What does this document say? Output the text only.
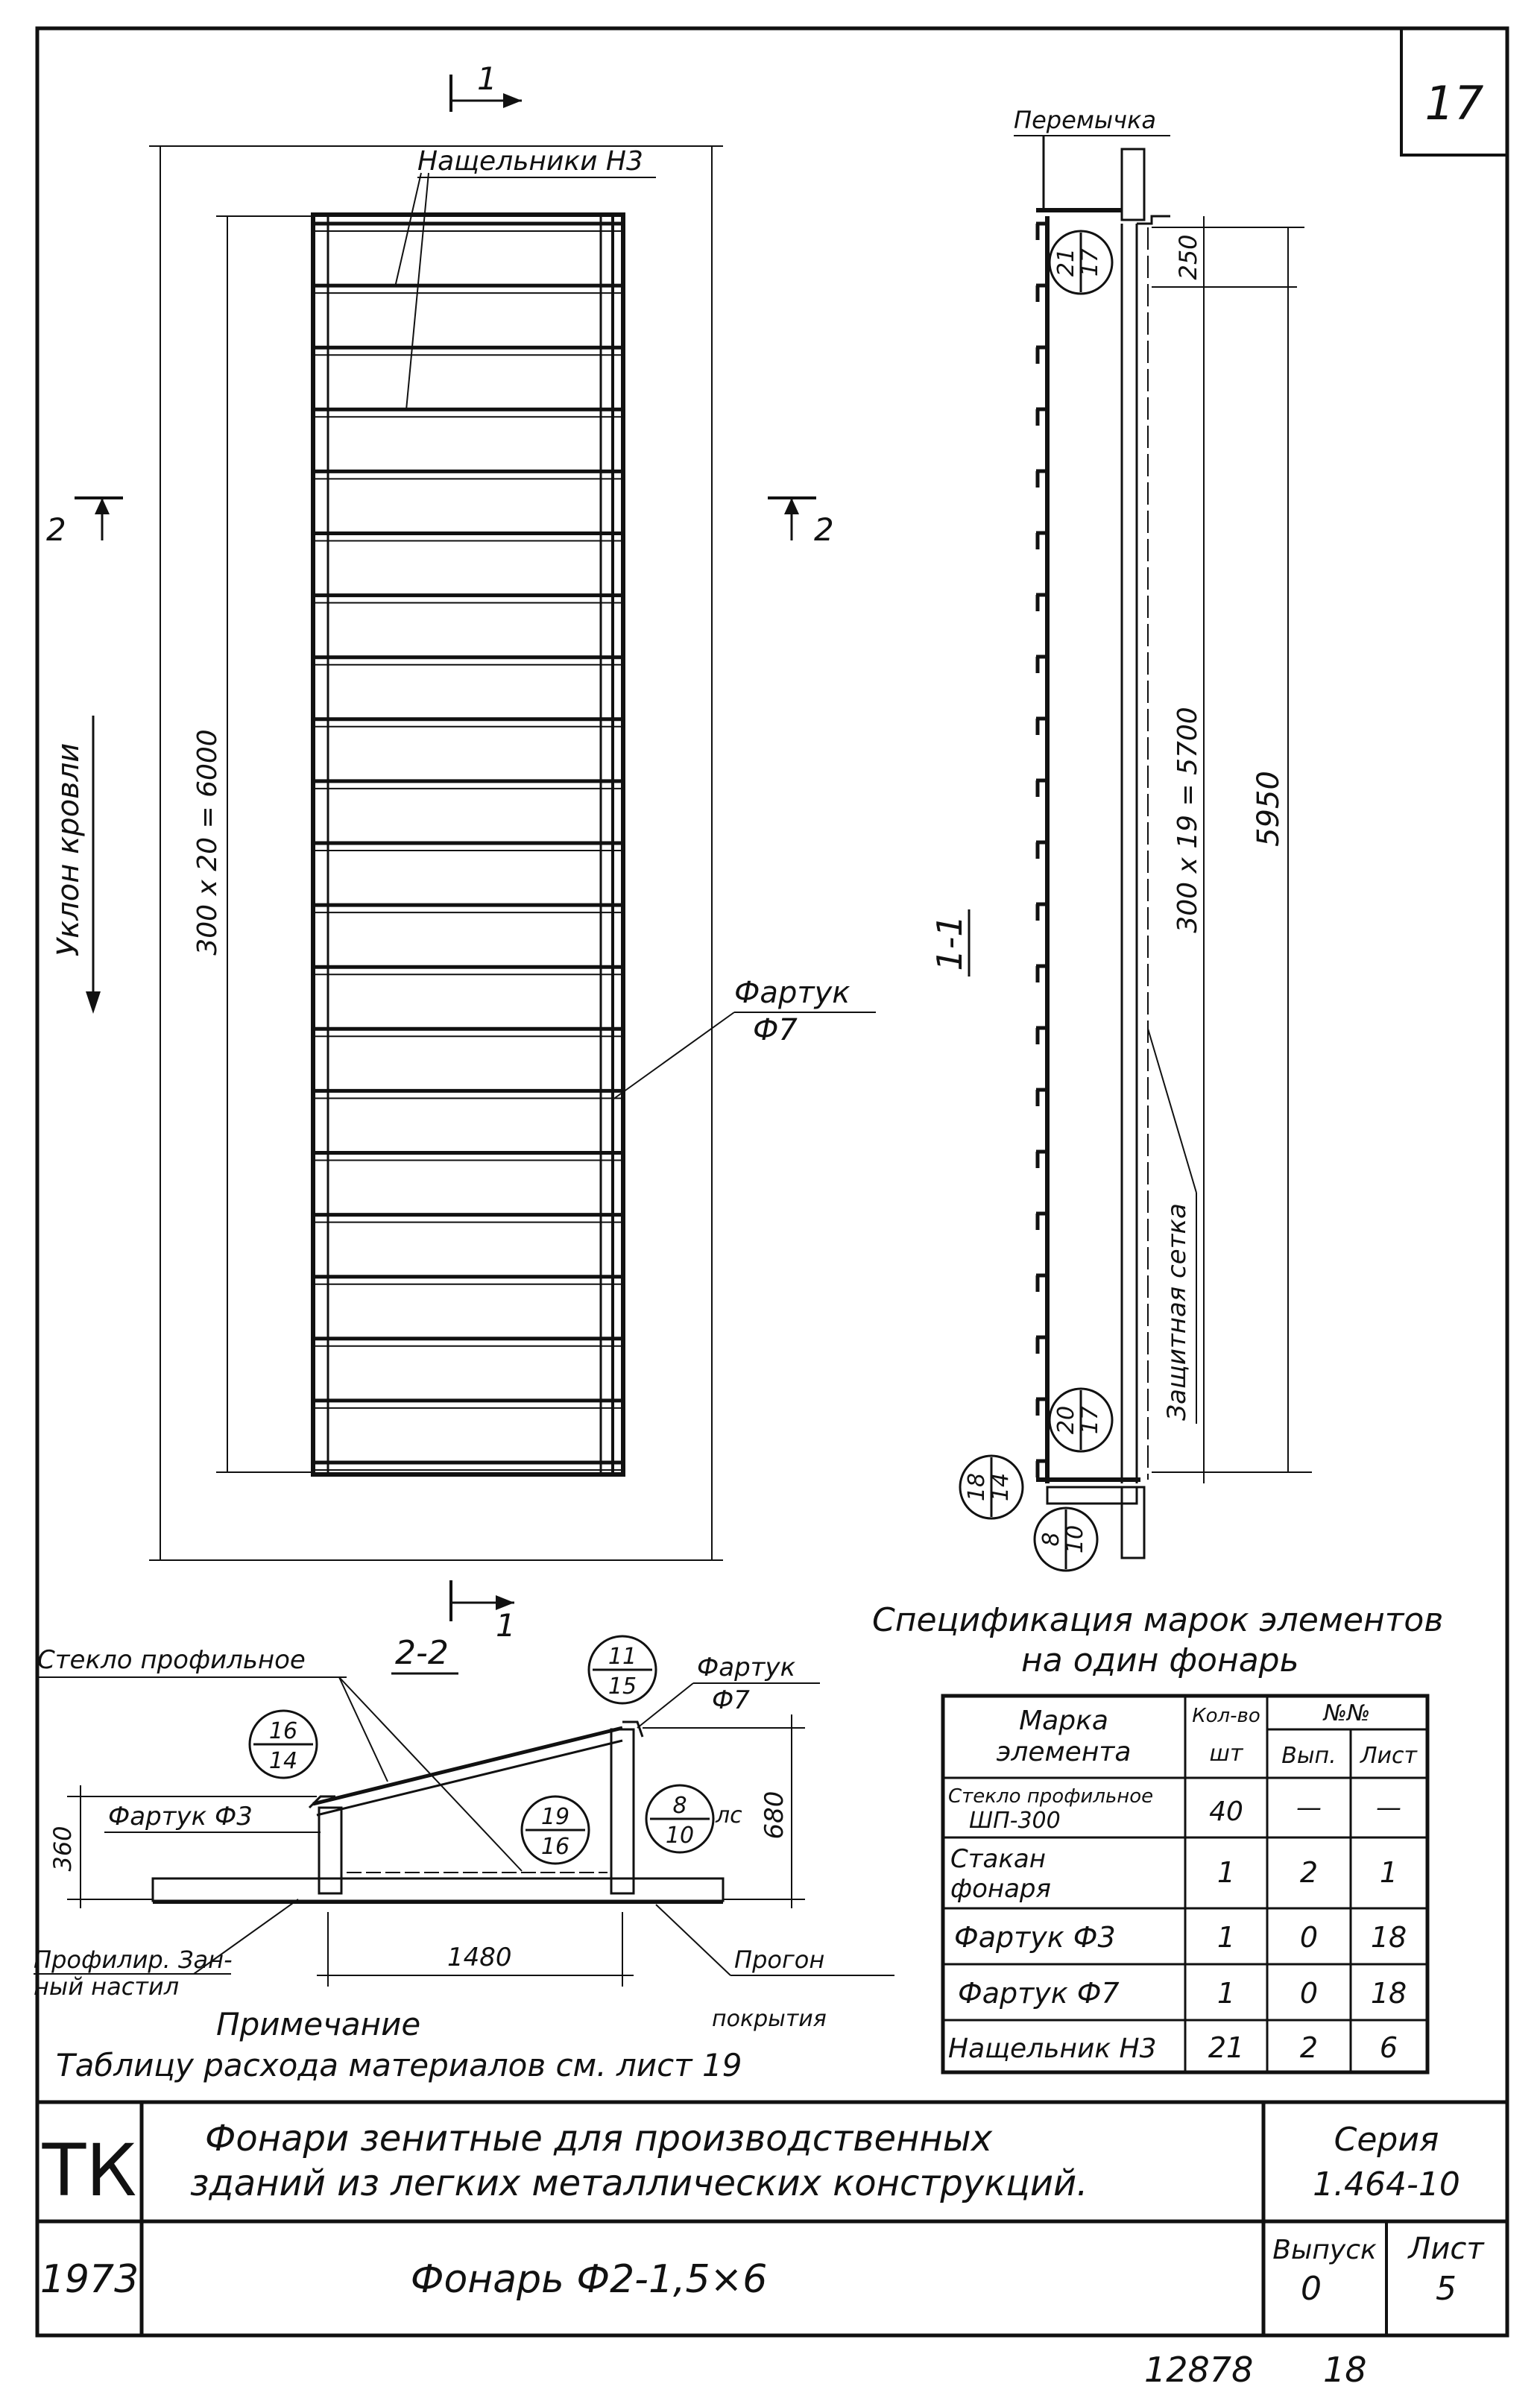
17
300 х 20 = 6000
Уклон кровли
Нащельники Н3
Фартук
Ф7
1
1
2	2
Перемычка
250
300 х 19 = 5700 5950
1-1
Защитная сетка
21
17
20
17
18
14
8
10
Стекло профильное	2-2
360
680
1480
Фартук
Ф7
Фартук Ф3
Профилир. Зан-
ный настил
Прогон
покрытия
лс
11
15
16
14
19
16
8
10
Примечание
Таблицу расхода материалов см. лист 19
Спецификация марок элементов
на один фонарь
Марка
элемента
Кол-во
шт
№№
Вып. Лист
Стекло профильное
ШП-300	40 — —
Стакан
фонаря	1 2 1
Фартук Ф3	1 0 18
Фартук Ф7	1 0 18
Нащельник Н3 21 2 6
ТК Фонари зенитные для производственных
зданий из легких металлических конструкций.
Серия
1.464-10
1973	Фонарь Ф2-1,5×6
Выпуск
0
Лист
5
12878 18
